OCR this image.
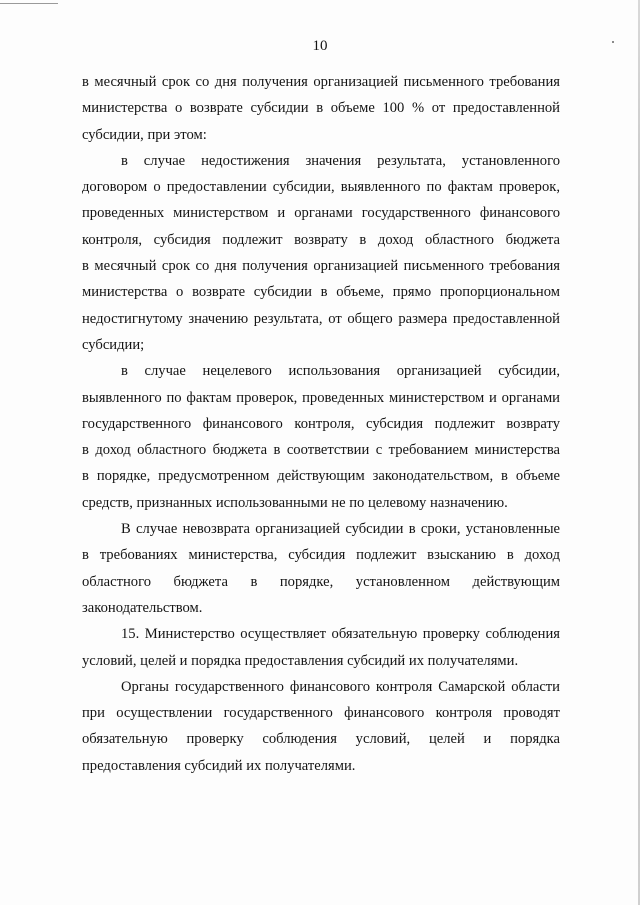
10
в месячный срок со дня получения организацией письменного требования
министерства о возврате субсидии в объеме 100 % от предоставленной
субсидии, при этом:
в случае недостижения значения результата, установленного
договором о предоставлении субсидии, выявленного по фактам проверок,
проведенных министерством и органами государственного финансового
контроля, субсидия подлежит возврату в доход областного бюджета
в месячный срок со дня получения организацией письменного требования
министерства о возврате субсидии в объеме, прямо пропорциональном
недостигнутому значению результата, от общего размера предоставленной
субсидии;
в случае нецелевого использования организацией субсидии,
выявленного по фактам проверок, проведенных министерством и органами
государственного финансового контроля, субсидия подлежит возврату
в доход областного бюджета в соответствии с требованием министерства
в порядке, предусмотренном действующим законодательством, в объеме
средств, признанных использованными не по целевому назначению.
В случае невозврата организацией субсидии в сроки, установленные
в требованиях министерства, субсидия подлежит взысканию в доход
областного бюджета в порядке, установленном действующим
законодательством.
15. Министерство осуществляет обязательную проверку соблюдения
условий, целей и порядка предоставления субсидий их получателями.
Органы государственного финансового контроля Самарской области
при осуществлении государственного финансового контроля проводят
обязательную проверку соблюдения условий, целей и порядка
предоставления субсидий их получателями.
